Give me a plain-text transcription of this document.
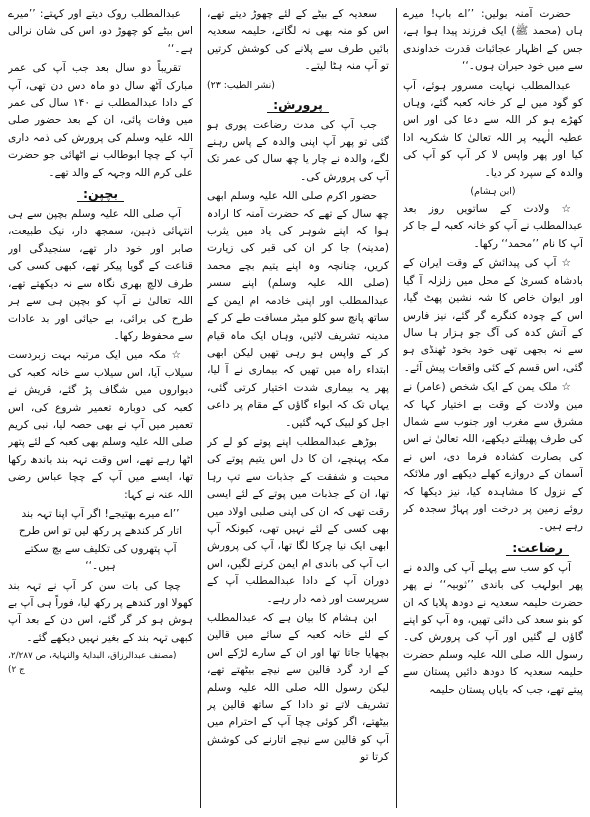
حضرت آمنہ بولیں: ’’اے باپ! میرے ہاں (محمد ﷺ) ایک فرزند پیدا ہوا ہے، جس کے اظہار عجائبات قدرت خداوندی سے میں خود حیران ہوں۔‘‘

عبدالمطلب نہایت مسرور ہوئے، آپ کو گود میں لے کر خانہ کعبہ گئے، وہاں کھڑے ہو کر اللہ سے دعا کی اور اس عطیہ الٰہیہ پر اللہ تعالیٰ کا شکریہ ادا کیا اور پھر واپس لا کر آپ کو آپ کی والدہ کے سپرد کر دیا۔

(ابن ہشام)

☆ ولادت کے ساتویں روز بعد عبدالمطلب نے آپ کو خانہ کعبہ لے جا کر آپ کا نام ’’محمد‘‘ رکھا۔

☆ آپ کی پیدائش کے وقت ایران کے بادشاہ کسریٰ کے محل میں زلزلہ آ گیا اور ایوان خاص کا شہ نشین پھٹ گیا، اس کے چودہ کنگرے گر گئے، نیز فارس کے آتش کدہ کی آگ جو ہزار ہا سال سے نہ بجھی تھی خود بخود ٹھنڈی ہو گئی، اس قسم کے کئی واقعات پیش آئے۔

☆ ملک یمن کے ایک شخص (عامر) نے مین ولادت کے وقت بے اختیار کہا کہ مشرق سے مغرب اور جنوب سے شمال کی طرف پھیلتے دیکھے، اللہ تعالیٰ نے اس کی بصارت کشادہ فرما دی، اس نے آسمان کے دروازے کھلے دیکھے اور ملائکہ کے نزول کا مشاہدہ کیا، نیز دیکھا کہ روئے زمین پر درخت اور پہاڑ سجدہ کر رہے ہیں۔

رضاعت:

آپ کو سب سے پہلے آپ کی والدہ نے پھر ابولہب کی باندی ’’ثوبیہ‘‘ نے پھر حضرت حلیمہ سعدیہ نے دودھ پلایا کہ ان کو بنو سعد کی دائی تھیں، وہ آپ کو اپنے گاؤں لے گئیں اور آپ کی پرورش کی۔ رسول اللہ صلی اللہ علیہ وسلم حضرت حلیمہ سعدیہ کا دودھ دائیں پستان سے پیتے تھے، جب کہ بایاں پستان حلیمہ

سعدیہ کے بیٹے کے لئے چھوڑ دیتے تھے، اس کو منہ بھی نہ لگاتے، حلیمہ سعدیہ بائیں طرف سے پلانے کی کوشش کرتیں تو آپ منہ ہٹا لیتے۔

(نشر الطیب: ۲۳)

پرورش:

جب آپ کی مدت رضاعت پوری ہو گئی تو پھر آپ اپنی والدہ کے پاس رہنے لگے، والدہ نے چار یا چھ سال کی عمر تک آپ کی پرورش کی۔

حضور اکرم صلی اللہ علیہ وسلم ابھی چھ سال کے تھے کہ حضرت آمنہ کا ارادہ ہوا کہ اپنے شوہر کی یاد میں یثرب (مدینہ) جا کر ان کی قبر کی زیارت کریں، چنانچہ وہ اپنے یتیم بچے محمد (صلی اللہ علیہ وسلم) اپنے سسر عبدالمطلب اور اپنی خادمہ ام ایمن کے ساتھ پانچ سو کلو میٹر مسافت طے کر کے مدینہ تشریف لائیں، وہاں ایک ماہ قیام کر کے واپس ہو رہی تھیں لیکن ابھی ابتداء راہ میں تھیں کہ بیماری نے آ لیا، پھر یہ بیماری شدت اختیار کرتی گئی، یہاں تک کہ ابواء گاؤں کے مقام پر داعی اجل کو لبیک کہہ گئیں۔

بوڑھے عبدالمطلب اپنے پوتے کو لے کر مکہ پہنچے، ان کا دل اس یتیم پوتے کی محبت و شفقت کے جذبات سے تپ رہا تھا، ان کے جذبات میں پوتے کے لئے ایسی رقت تھی کہ ان کی اپنی صلبی اولاد میں بھی کسی کے لئے نہیں تھی، کیونکہ آپ ابھی ایک نیا چرکا لگا تھا، آپ کی پرورش اب آپ کی باندی ام ایمن کرنے لگیں، اس دوران آپ کے دادا عبدالمطلب آپ کے سرپرست اور ذمہ دار رہے۔

ابن ہشام کا بیان ہے کہ عبدالمطلب کے لئے خانہ کعبہ کے سائے میں قالین بچھایا جاتا تھا اور ان کے سارے لڑکے اس کے ارد گرد قالین سے نیچے بیٹھتے تھے، لیکن رسول اللہ صلی اللہ علیہ وسلم تشریف لاتے تو دادا کے ساتھ قالین پر بیٹھتے، اگر کوئی چچا آپ کے احترام میں آپ کو قالین سے نیچے اتارنے کی کوشش کرتا تو

عبدالمطلب روک دیتے اور کہتے: ’’میرے اس بیٹے کو چھوڑ دو، اس کی شان نرالی ہے۔‘‘

تقریباً دو سال بعد جب آپ کی عمر مبارک آٹھ سال دو ماہ دس دن تھی، آپ کے دادا عبدالمطلب نے ۱۴۰ سال کی عمر میں وفات پائی، ان کے بعد حضور صلی اللہ علیہ وسلم کی پرورش کی ذمہ داری آپ کے چچا ابوطالب نے اٹھائی جو حضرت علی کرم اللہ وجہہ کے والد تھے۔

بچپن:

آپ صلی اللہ علیہ وسلم بچپن سے ہی انتہائی ذہین، سمجھ دار، نیک طبیعت، صابر اور خود دار تھے، سنجیدگی اور قناعت کے گویا پیکر تھے، کبھی کسی کی طرف لالچ بھری نگاہ سے نہ دیکھتے تھے، اللہ تعالیٰ نے آپ کو بچپن ہی سے ہر طرح کی برائی، بے حیائی اور بد عادات سے محفوظ رکھا۔

☆ مکہ میں ایک مرتبہ بہت زبردست سیلاب آیا، اس سیلاب سے خانہ کعبہ کی دیواروں میں شگاف پڑ گئے، قریش نے کعبہ کی دوبارہ تعمیر شروع کی، اس تعمیر میں آپ نے بھی حصہ لیا، نبی کریم صلی اللہ علیہ وسلم بھی کعبہ کے لئے پتھر اٹھا رہے تھے، اس وقت تہہ بند باندھ رکھا تھا، ایسے میں آپ کے چچا عباس رضی اللہ عنہ نے کہا:

’’اے میرے بھتیجے! اگر آپ اپنا تہہ بند اتار کر کندھے پر رکھ لیں تو اس طرح آپ پتھروں کی تکلیف سے بچ سکتے ہیں۔‘‘

چچا کی بات سن کر آپ نے تہہ بند کھولا اور کندھے پر رکھ لیا، فوراً ہی آپ بے ہوش ہو کر گر گئے، اس دن کے بعد آپ کبھی تہہ بند کے بغیر نہیں دیکھے گئے۔

(مصنف عبدالرزاق، البدایۃ والنہایۃ، ص ۲/۲۸۷، ج ۲)
